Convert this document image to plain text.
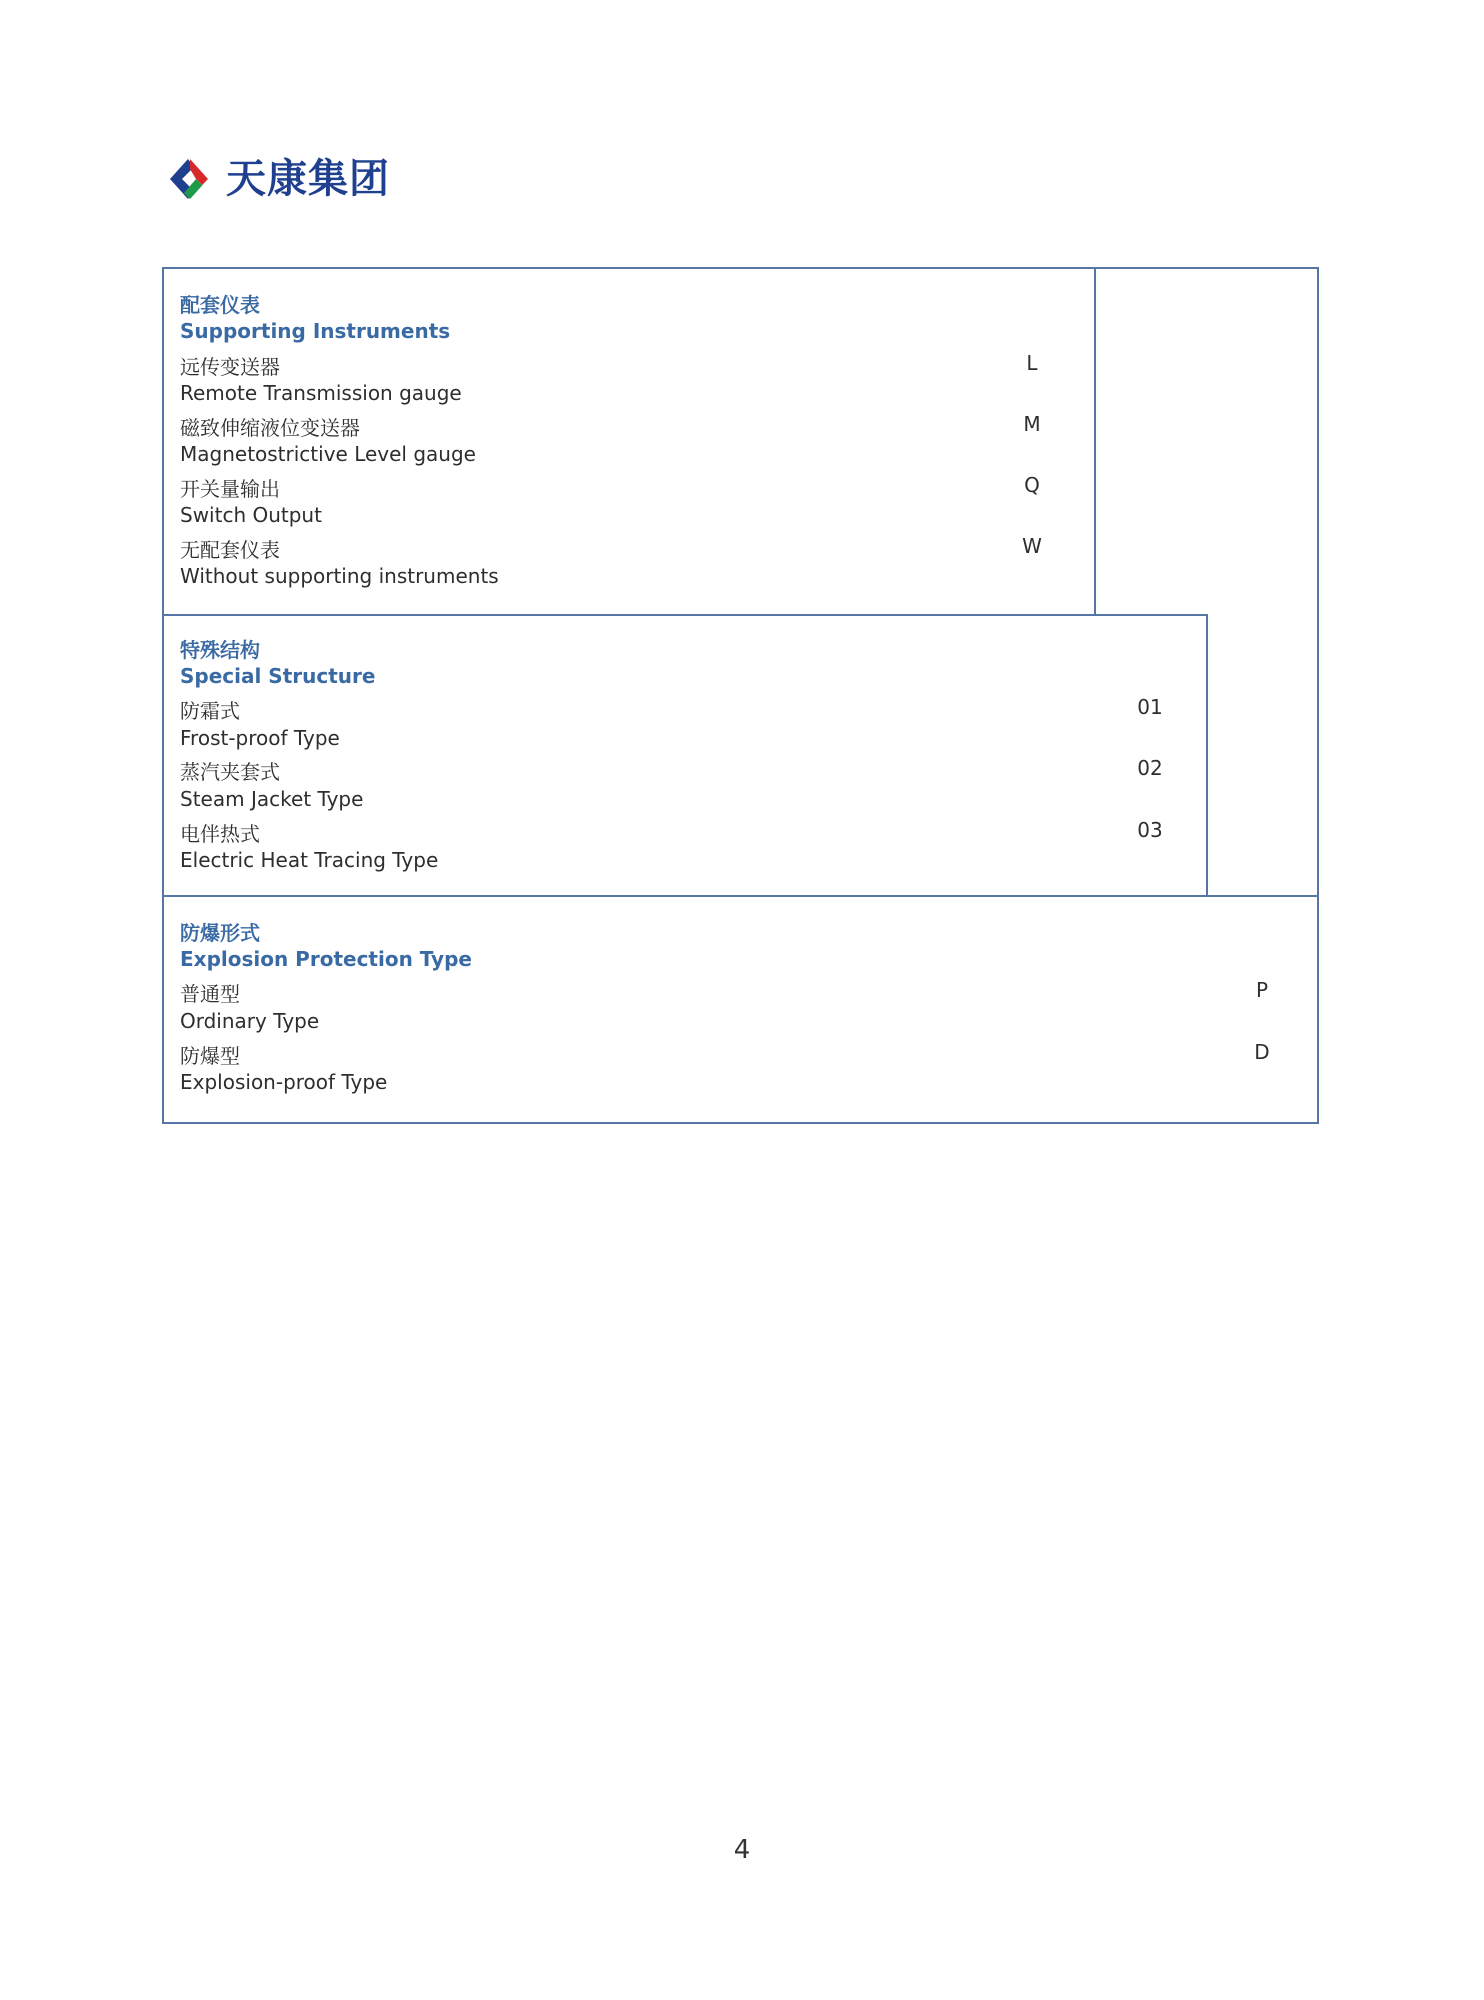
天康集团
配套仪表
Supporting Instruments
远传变送器	L
Remote Transmission gauge
磁致伸缩液位变送器	M
Magnetostrictive Level gauge
开关量输出	Q
Switch Output
无配套仪表	W
Without supporting instruments
特殊结构
Special Structure
防霜式	01
Frost-proof Type
蒸汽夹套式	02
Steam Jacket Type
电伴热式	03
Electric Heat Tracing Type
防爆形式
Explosion Protection Type
普通型	P
Ordinary Type
防爆型	D
Explosion-proof Type
4
